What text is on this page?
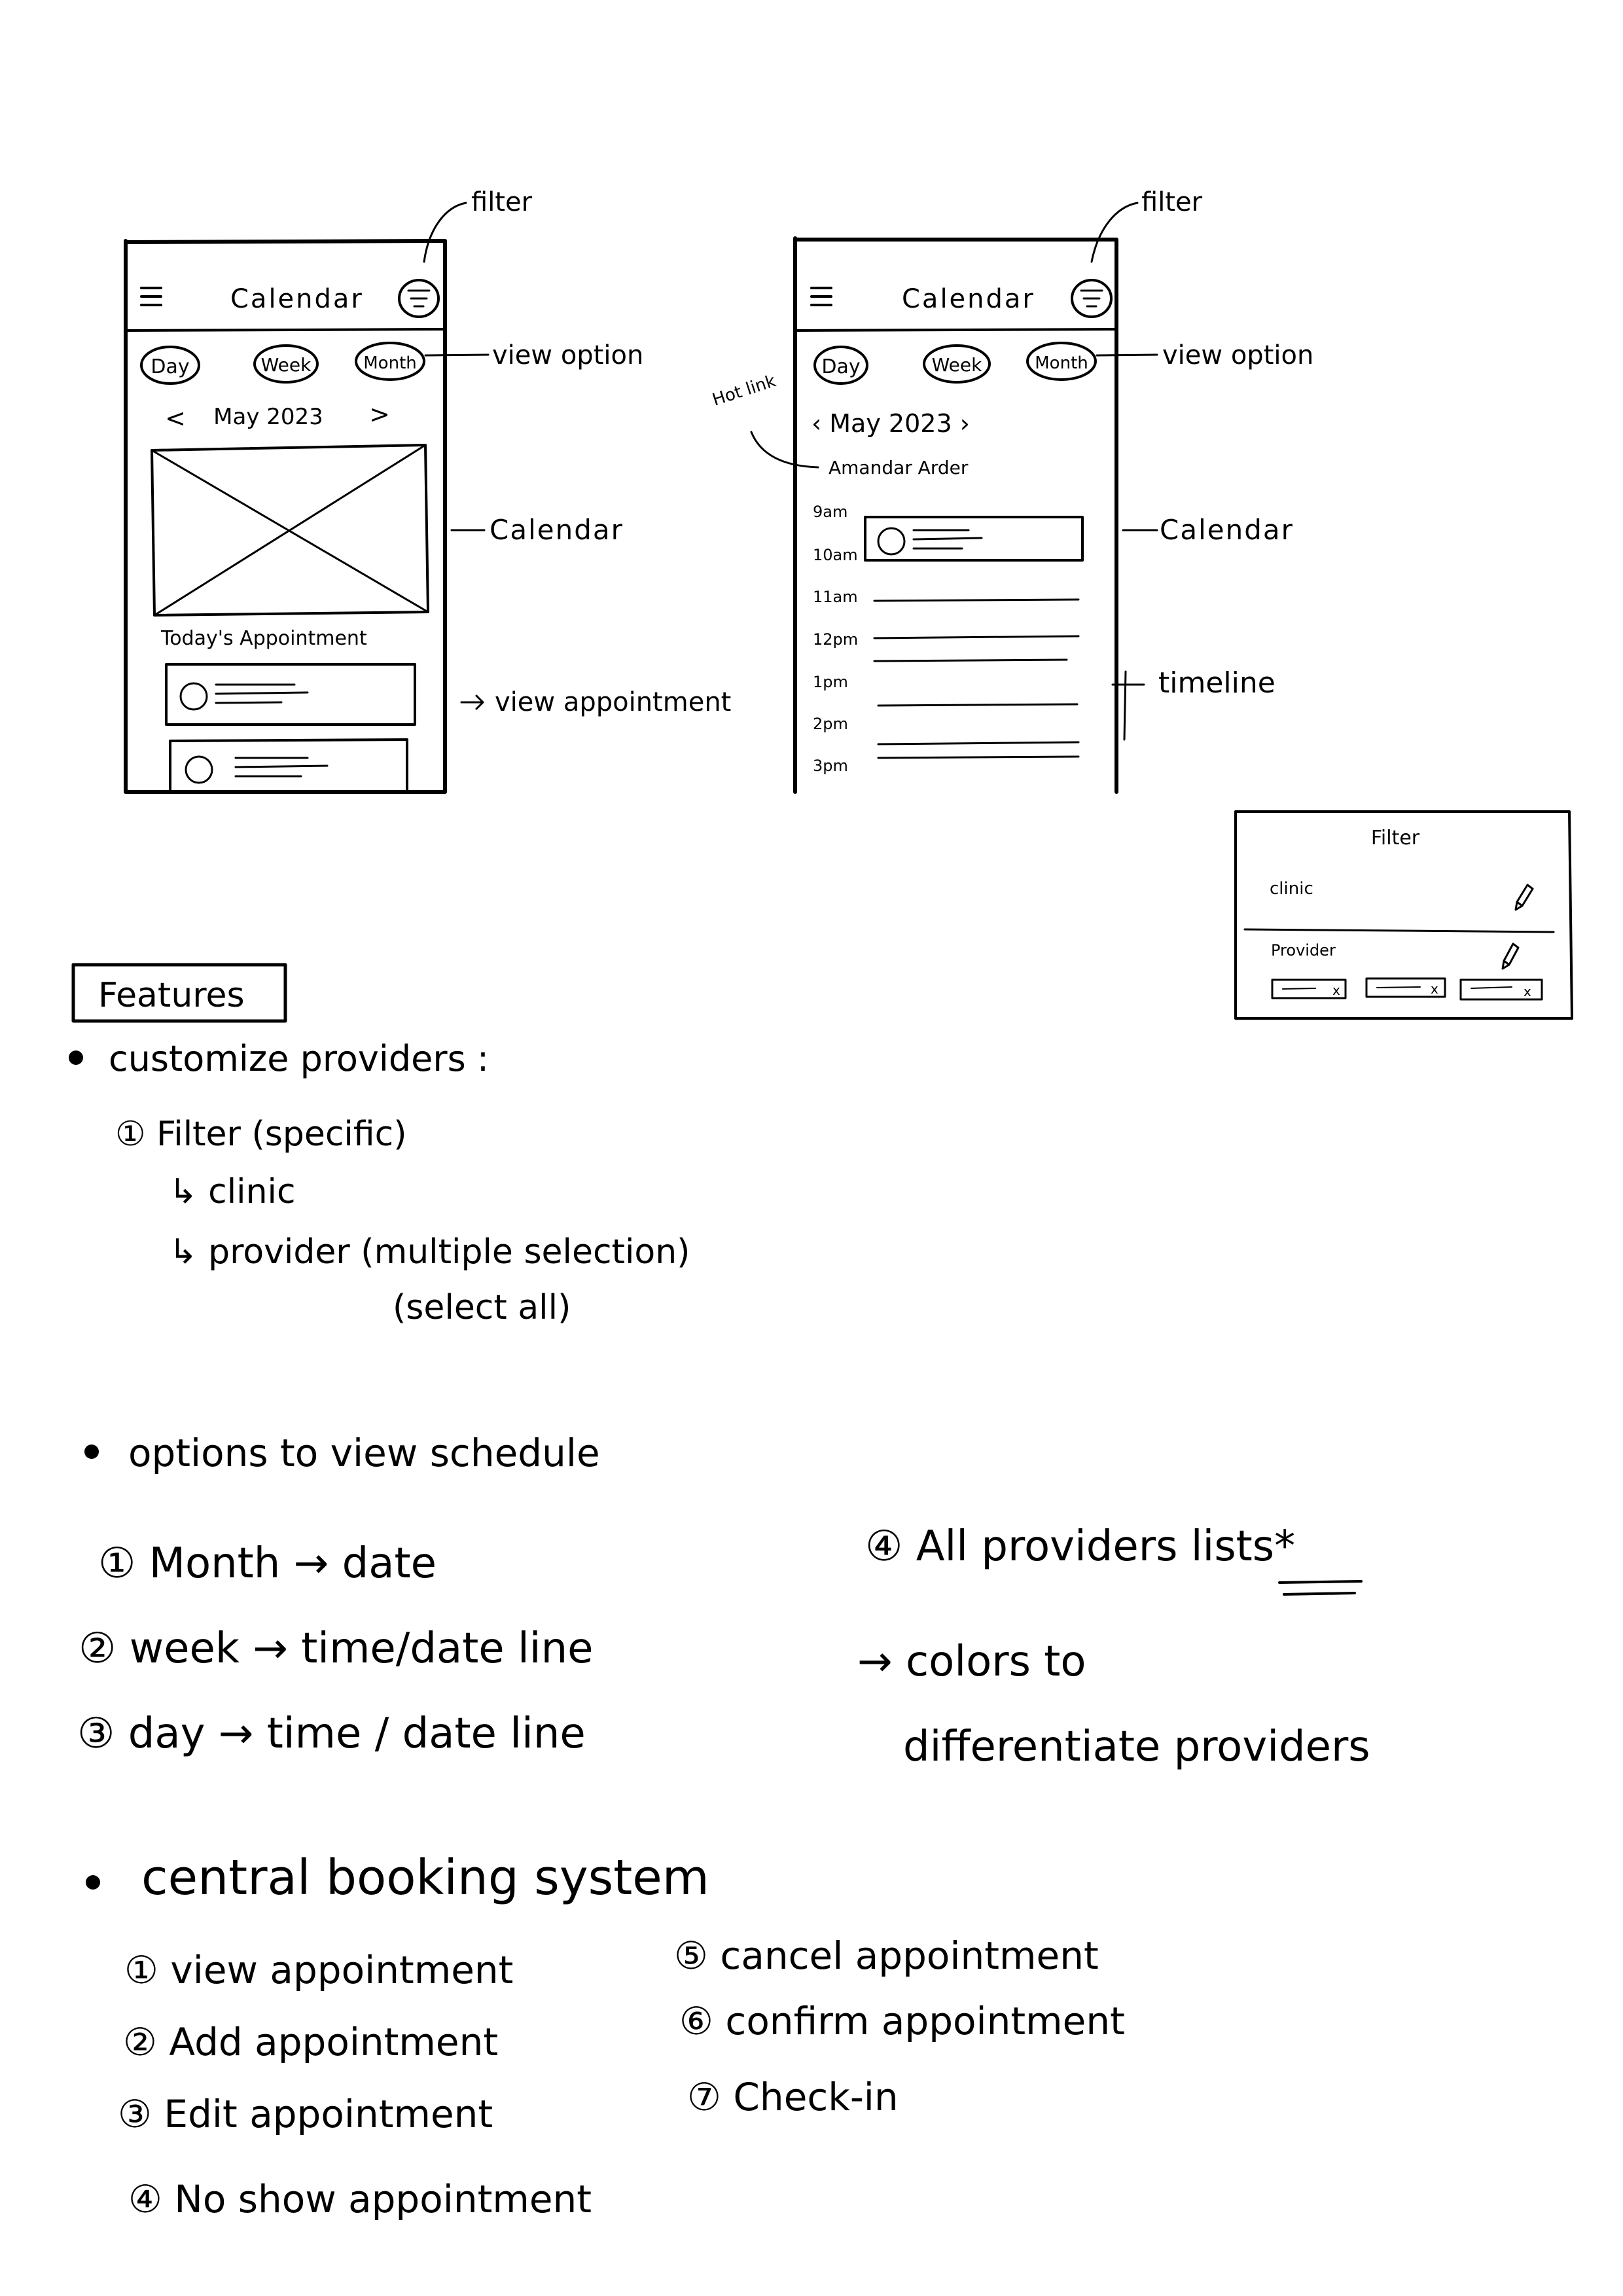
filter
Calendar
Day	Week	Month	view option
< May 2023 >
Calendar
Today's Appointment
view appointment
filter
Calendar
Day	Week	Month	view option
Hot link
‹ May 2023 ›
Amandar Arder
9am
10am
11am
12pm
1pm
2pm
3pm
Calendar
timeline
Filter
clinic
Provider
x	x	x
Features
customize providers :
① Filter (specific)
↳ clinic
↳ provider (multiple selection)
(select all)
options to view schedule
① Month → date
② week → time/date line
③ day → time / date line
④ All providers lists*
→ colors to
differentiate providers
central booking system
① view appointment
② Add appointment
③ Edit appointment
④ No show appointment
⑤ cancel appointment
⑥ confirm appointment
⑦ Check-in
